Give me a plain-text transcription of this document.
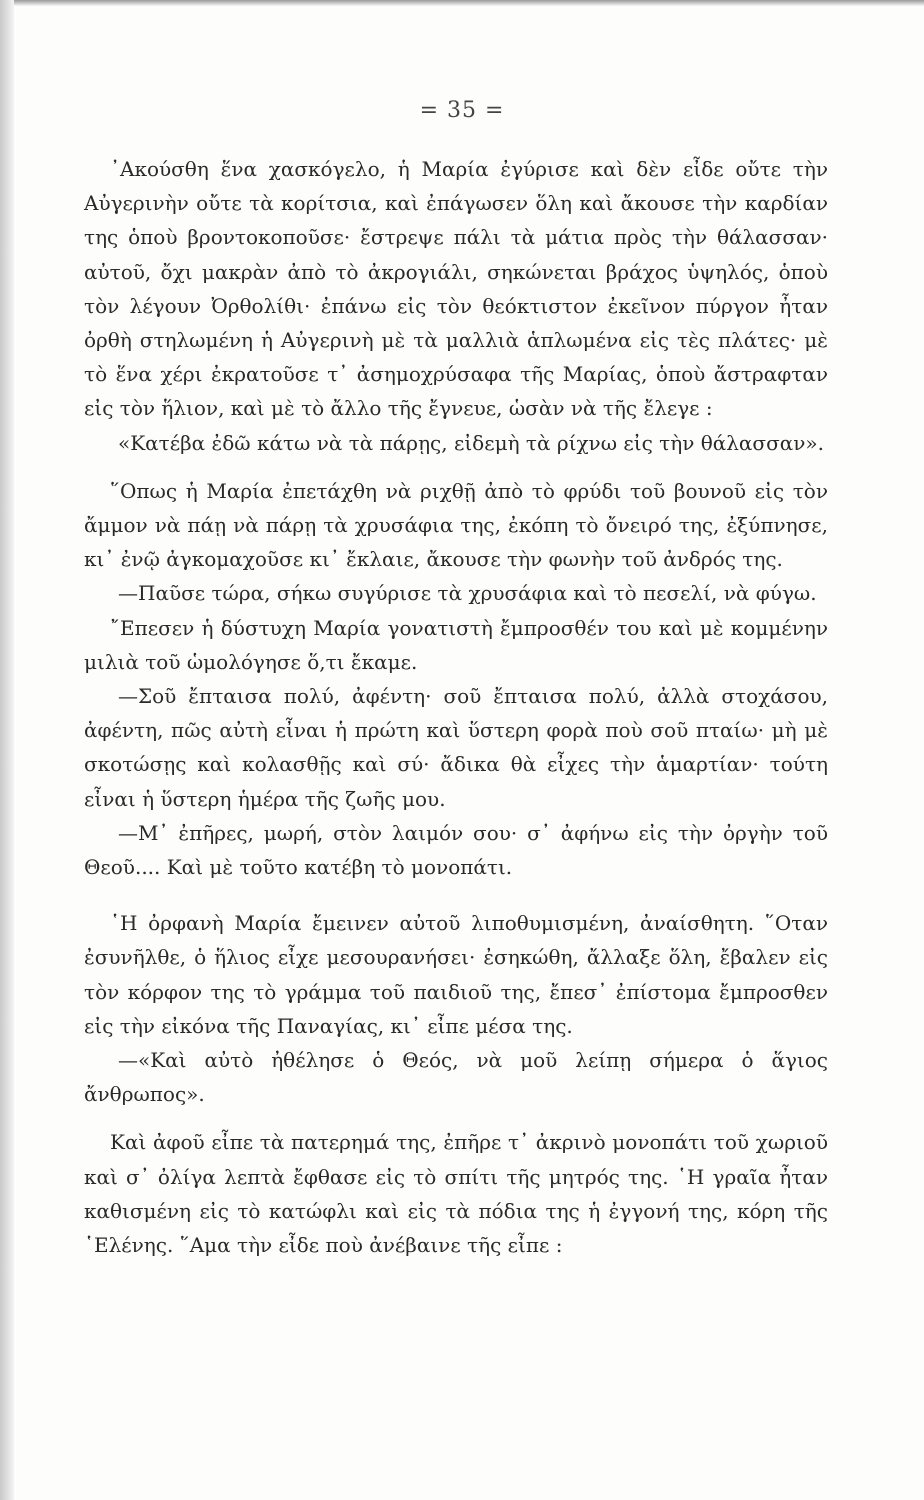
= 35 =

᾿Ακούσθη ἕνα χασκόγελο, ἡ Μαρία ἐγύρισε καὶ δὲν εἶδε οὔτε τὴν Αὐγερινὴν οὔτε τὰ κορίτσια, καὶ ἐπάγωσεν ὅλη καὶ ἄκουσε τὴν καρδίαν της ὁποὺ βροντοκοποῦσε· ἔστρεψε πάλι τὰ μάτια πρὸς τὴν θάλασσαν· αὐτοῦ, ὄχι μακρὰν ἀπὸ τὸ ἀκρογιάλι, σηκώνεται βράχος ὑψηλός, ὁποὺ τὸν λέγουν Ὀρθολίθι· ἐπάνω εἰς τὸν θεόκτιστον ἐκεῖνον πύργον ἦταν ὀρθὴ στηλωμένη ἡ Αὐγερινὴ μὲ τὰ μαλλιὰ ἁπλωμένα εἰς τὲς πλάτες· μὲ τὸ ἕνα χέρι ἐκρατοῦσε τ᾿ ἀσημοχρύσαφα τῆς Μαρίας, ὁποὺ ἄστραφταν εἰς τὸν ἥλιον, καὶ μὲ τὸ ἄλλο τῆς ἔγνευε, ὡσὰν νὰ τῆς ἔλεγε :

«Κατέβα ἐδῶ κάτω νὰ τὰ πάρῃς, εἰδεμὴ τὰ ρίχνω εἰς τὴν θάλασσαν».

῞Οπως ἡ Μαρία ἐπετάχθη νὰ ριχθῇ ἀπὸ τὸ φρύδι τοῦ βουνοῦ εἰς τὸν ἄμμον νὰ πάῃ νὰ πάρῃ τὰ χρυσάφια της, ἐκόπη τὸ ὄνειρό της, ἐξύπνησε, κι᾿ ἐνῷ ἀγκομαχοῦσε κι᾿ ἔκλαιε, ἄκουσε τὴν φωνὴν τοῦ ἀνδρός της.

—Παῦσε τώρα, σήκω συγύρισε τὰ χρυσάφια καὶ τὸ πεσελί, νὰ φύγω.

῎Επεσεν ἡ δύστυχη Μαρία γονατιστὴ ἔμπροσθέν του καὶ μὲ κομμένην μιλιὰ τοῦ ὡμολόγησε ὅ,τι ἔκαμε.

—Σοῦ ἔπταισα πολύ, ἀφέντη· σοῦ ἔπταισα πολύ, ἀλλὰ στοχάσου, ἀφέντη, πῶς αὐτὴ εἶναι ἡ πρώτη καὶ ὕστερη φορὰ ποὺ σοῦ πταίω· μὴ μὲ σκοτώσῃς καὶ κολασθῇς καὶ σύ· ἄδικα θὰ εἶχες τὴν ἁμαρτίαν· τούτη εἶναι ἡ ὕστερη ἡμέρα τῆς ζωῆς μου.

—Μ᾿ ἐπῆρες, μωρή, στὸν λαιμόν σου· σ᾿ ἀφήνω εἰς τὴν ὀργὴν τοῦ Θεοῦ.... Καὶ μὲ τοῦτο κατέβη τὸ μονοπάτι.

῾Η ὀρφανὴ Μαρία ἔμεινεν αὐτοῦ λιποθυμισμένη, ἀναίσθητη. ῞Οταν ἐσυνῆλθε, ὁ ἥλιος εἶχε μεσουρανήσει· ἐσηκώθη, ἄλλαξε ὅλη, ἔβαλεν εἰς τὸν κόρφον της τὸ γράμμα τοῦ παιδιοῦ της, ἔπεσ᾿ ἐπίστομα ἔμπροσθεν εἰς τὴν εἰκόνα τῆς Παναγίας, κι᾿ εἶπε μέσα της.

—«Καὶ αὐτὸ ἠθέλησε ὁ Θεός, νὰ μοῦ λείπῃ σήμερα ὁ ἅγιος ἄνθρωπος».

Καὶ ἀφοῦ εἶπε τὰ πατερημά της, ἐπῆρε τ᾿ ἀκρινὸ μονοπάτι τοῦ χωριοῦ καὶ σ᾿ ὀλίγα λεπτὰ ἔφθασε εἰς τὸ σπίτι τῆς μητρός της. ῾Η γραῖα ἦταν καθισμένη εἰς τὸ κατώφλι καὶ εἰς τὰ πόδια της ἡ ἐγγονή της, κόρη τῆς ῾Ελένης. ῞Αμα τὴν εἶδε ποὺ ἀνέβαινε τῆς εἶπε :
